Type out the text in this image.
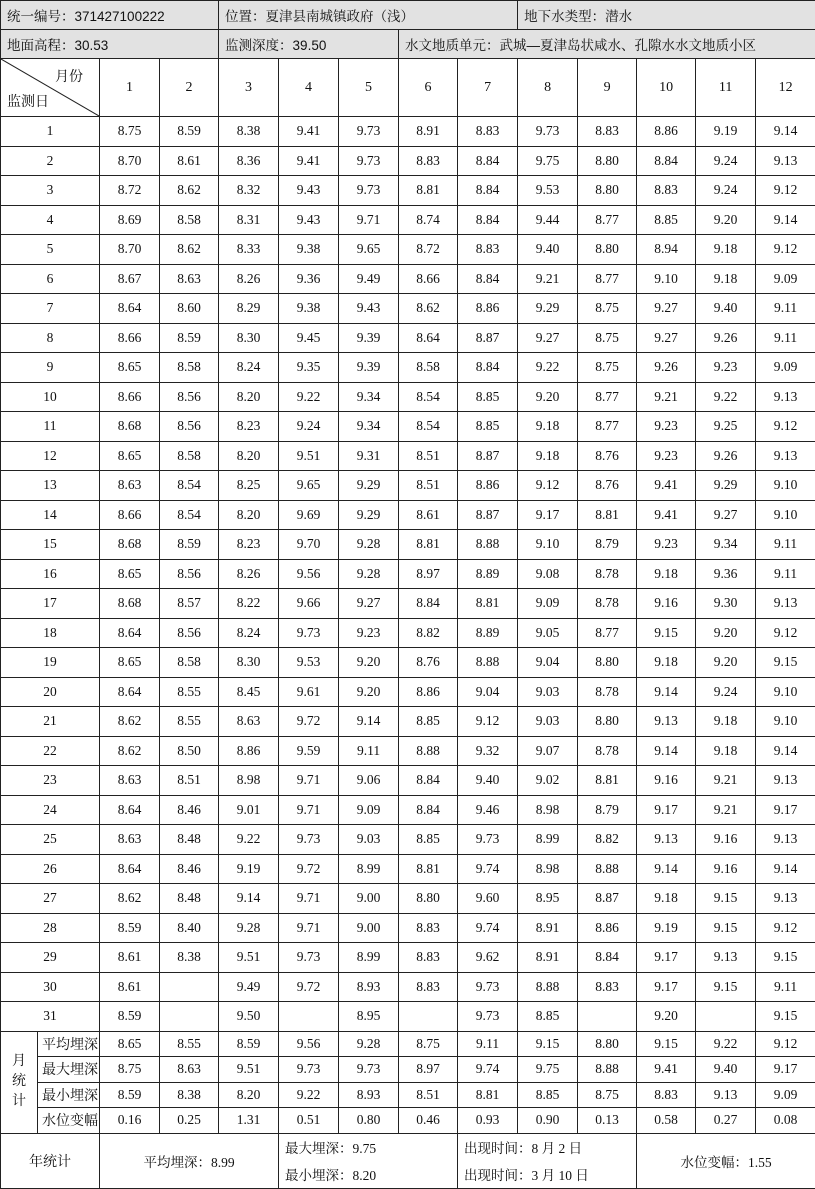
统一编号：371427100222				位置：夏津县南城镇政府（浅）					地下水类型：潜水				
地面高程：30.53				监测深度：39.50			水文地质单元：武城—夏津岛状咸水、孔隙水水文地质小区						

月份
监测日		1	2	3	4	5	6	7	8	9	10	11	12
1		8.75	8.59	8.38	9.41	9.73	8.91	8.83	9.73	8.83	8.86	9.19	9.14
2		8.70	8.61	8.36	9.41	9.73	8.83	8.84	9.75	8.80	8.84	9.24	9.13
3		8.72	8.62	8.32	9.43	9.73	8.81	8.84	9.53	8.80	8.83	9.24	9.12
4		8.69	8.58	8.31	9.43	9.71	8.74	8.84	9.44	8.77	8.85	9.20	9.14
5		8.70	8.62	8.33	9.38	9.65	8.72	8.83	9.40	8.80	8.94	9.18	9.12
6		8.67	8.63	8.26	9.36	9.49	8.66	8.84	9.21	8.77	9.10	9.18	9.09
7		8.64	8.60	8.29	9.38	9.43	8.62	8.86	9.29	8.75	9.27	9.40	9.11
8		8.66	8.59	8.30	9.45	9.39	8.64	8.87	9.27	8.75	9.27	9.26	9.11
9		8.65	8.58	8.24	9.35	9.39	8.58	8.84	9.22	8.75	9.26	9.23	9.09
10		8.66	8.56	8.20	9.22	9.34	8.54	8.85	9.20	8.77	9.21	9.22	9.13
11		8.68	8.56	8.23	9.24	9.34	8.54	8.85	9.18	8.77	9.23	9.25	9.12
12		8.65	8.58	8.20	9.51	9.31	8.51	8.87	9.18	8.76	9.23	9.26	9.13
13		8.63	8.54	8.25	9.65	9.29	8.51	8.86	9.12	8.76	9.41	9.29	9.10
14		8.66	8.54	8.20	9.69	9.29	8.61	8.87	9.17	8.81	9.41	9.27	9.10
15		8.68	8.59	8.23	9.70	9.28	8.81	8.88	9.10	8.79	9.23	9.34	9.11
16		8.65	8.56	8.26	9.56	9.28	8.97	8.89	9.08	8.78	9.18	9.36	9.11
17		8.68	8.57	8.22	9.66	9.27	8.84	8.81	9.09	8.78	9.16	9.30	9.13
18		8.64	8.56	8.24	9.73	9.23	8.82	8.89	9.05	8.77	9.15	9.20	9.12
19		8.65	8.58	8.30	9.53	9.20	8.76	8.88	9.04	8.80	9.18	9.20	9.15
20		8.64	8.55	8.45	9.61	9.20	8.86	9.04	9.03	8.78	9.14	9.24	9.10
21		8.62	8.55	8.63	9.72	9.14	8.85	9.12	9.03	8.80	9.13	9.18	9.10
22		8.62	8.50	8.86	9.59	9.11	8.88	9.32	9.07	8.78	9.14	9.18	9.14
23		8.63	8.51	8.98	9.71	9.06	8.84	9.40	9.02	8.81	9.16	9.21	9.13
24		8.64	8.46	9.01	9.71	9.09	8.84	9.46	8.98	8.79	9.17	9.21	9.17
25		8.63	8.48	9.22	9.73	9.03	8.85	9.73	8.99	8.82	9.13	9.16	9.13
26		8.64	8.46	9.19	9.72	8.99	8.81	9.74	8.98	8.88	9.14	9.16	9.14
27		8.62	8.48	9.14	9.71	9.00	8.80	9.60	8.95	8.87	9.18	9.15	9.13
28		8.59	8.40	9.28	9.71	9.00	8.83	9.74	8.91	8.86	9.19	9.15	9.12
29		8.61	8.38	9.51	9.73	8.99	8.83	9.62	8.91	8.84	9.17	9.13	9.15
30		8.61		9.49	9.72	8.93	8.83	9.73	8.88	8.83	9.17	9.15	9.11
31		8.59		9.50		8.95		9.73	8.85		9.20		9.15

月
统
计	平均埋深	8.65	8.55	8.59	9.56	9.28	8.75	9.11	9.15	8.80	9.15	9.22	9.12
	最大埋深	8.75	8.63	9.51	9.73	9.73	8.97	9.74	9.75	8.88	9.41	9.40	9.17
	最小埋深	8.59	8.38	8.20	9.22	8.93	8.51	8.81	8.85	8.75	8.83	9.13	9.09
	水位变幅	0.16	0.25	1.31	0.51	0.80	0.46	0.93	0.90	0.13	0.58	0.27	0.08
年统计		平均埋深：8.99			最大埋深：9.75			出现时间：8 月 2 日			水位变幅：1.55		
					最小埋深：8.20			出现时间：3 月 10 日					
